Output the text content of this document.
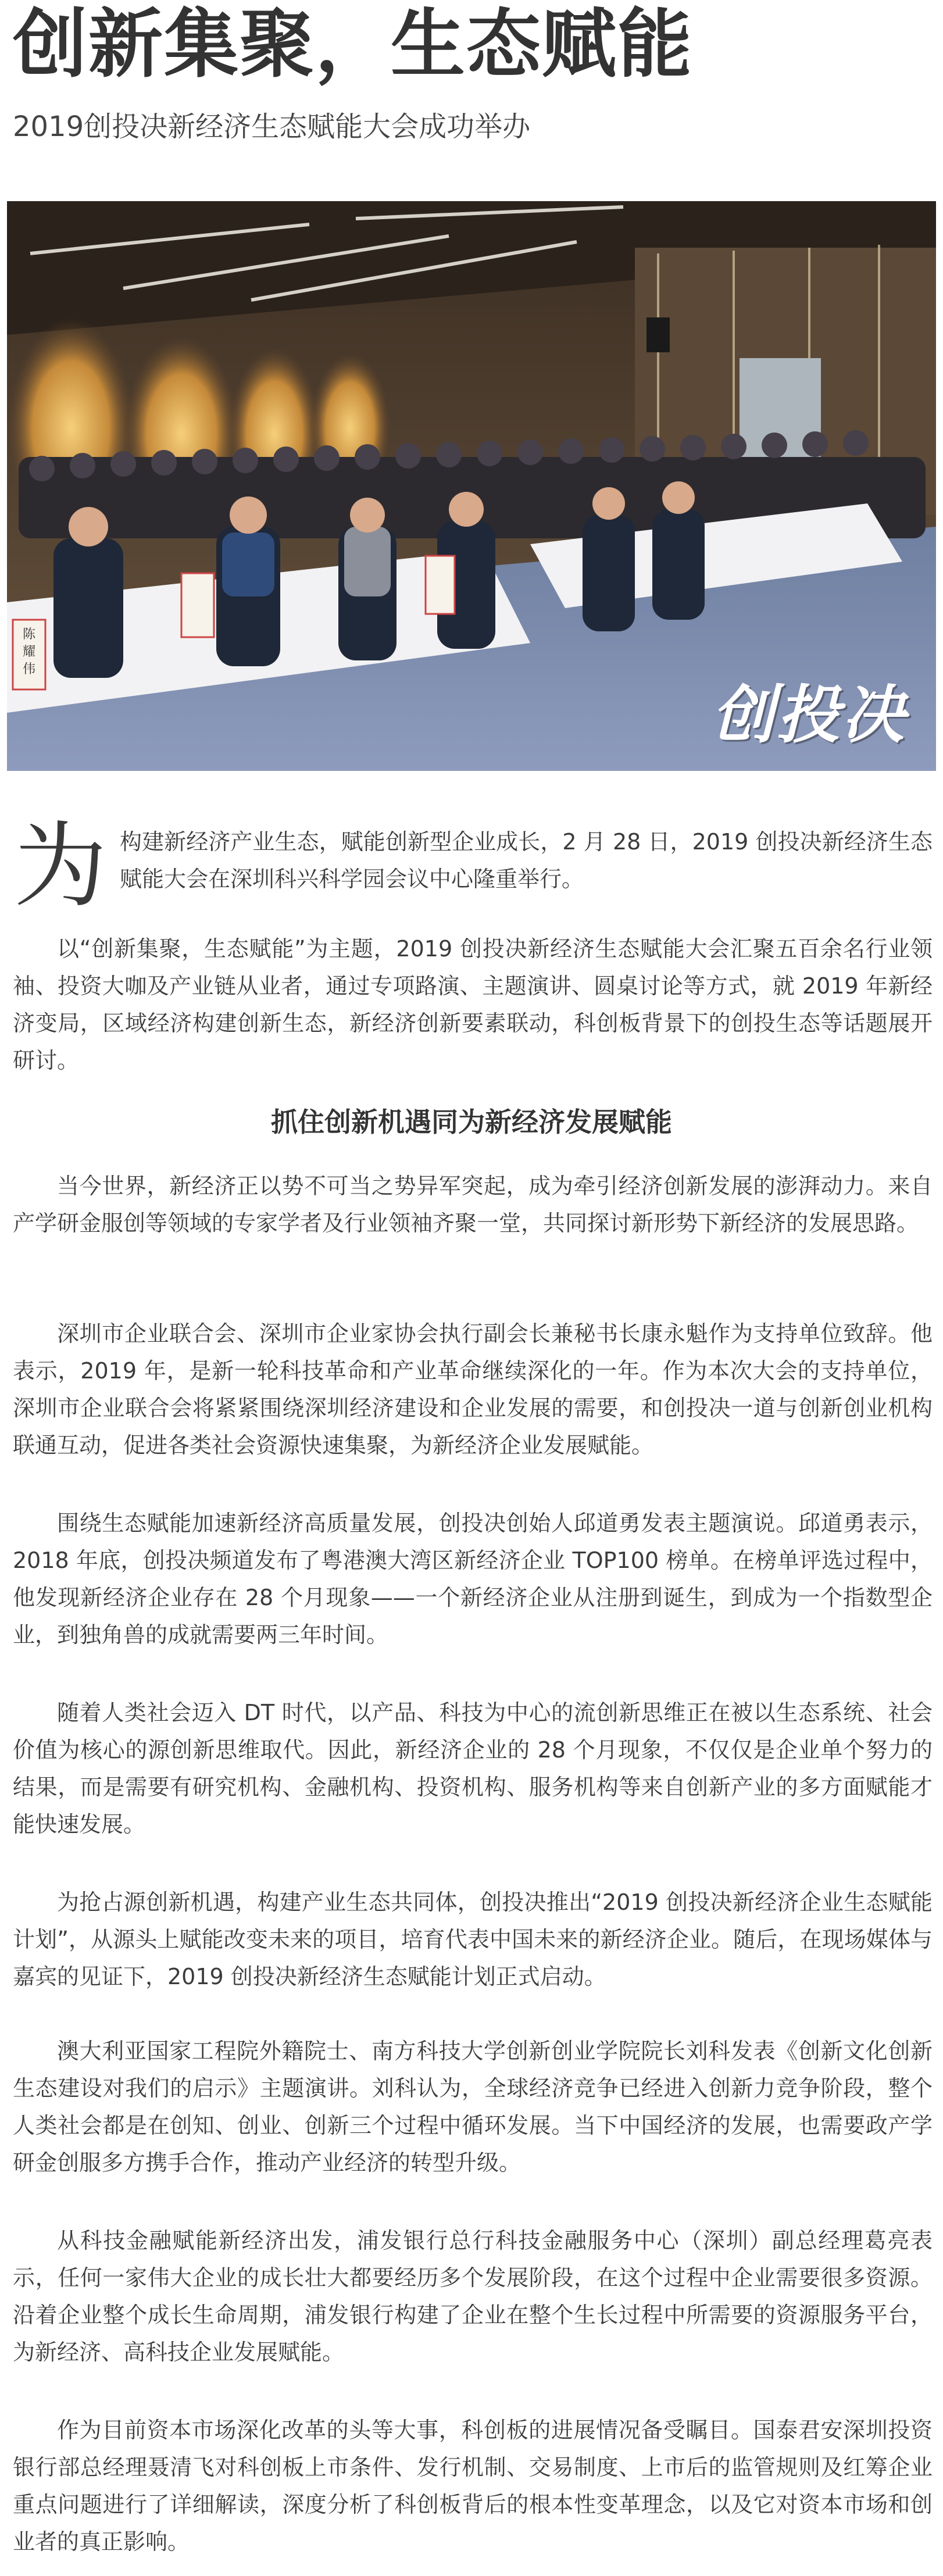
创新集聚，生态赋能
2019创投决新经济生态赋能大会成功举办
陈
耀
伟
创投决
为 构建新经济产业生态，赋能创新型企业成长，2 月 28 日，2019 创投决新经济生态赋能大会在深圳科兴科学园会议中心隆重举行。

以“创新集聚，生态赋能”为主题，2019 创投决新经济生态赋能大会汇聚五百余名行业领袖、投资大咖及产业链从业者，通过专项路演、主题演讲、圆桌讨论等方式，就 2019 年新经济变局，区域经济构建创新生态，新经济创新要素联动，科创板背景下的创投生态等话题展开研讨。

抓住创新机遇同为新经济发展赋能

当今世界，新经济正以势不可当之势异军突起，成为牵引经济创新发展的澎湃动力。来自产学研金服创等领域的专家学者及行业领袖齐聚一堂，共同探讨新形势下新经济的发展思路。

深圳市企业联合会、深圳市企业家协会执行副会长兼秘书长康永魁作为支持单位致辞。他表示，2019 年，是新一轮科技革命和产业革命继续深化的一年。作为本次大会的支持单位，深圳市企业联合会将紧紧围绕深圳经济建设和企业发展的需要，和创投决一道与创新创业机构联通互动，促进各类社会资源快速集聚，为新经济企业发展赋能。

围绕生态赋能加速新经济高质量发展，创投决创始人邱道勇发表主题演说。邱道勇表示，2018 年底，创投决频道发布了粤港澳大湾区新经济企业 TOP100 榜单。在榜单评选过程中，他发现新经济企业存在 28 个月现象——一个新经济企业从注册到诞生，到成为一个指数型企业，到独角兽的成就需要两三年时间。

随着人类社会迈入 DT 时代，以产品、科技为中心的流创新思维正在被以生态系统、社会价值为核心的源创新思维取代。因此，新经济企业的 28 个月现象，不仅仅是企业单个努力的结果，而是需要有研究机构、金融机构、投资机构、服务机构等来自创新产业的多方面赋能才能快速发展。

为抢占源创新机遇，构建产业生态共同体，创投决推出“2019 创投决新经济企业生态赋能计划”，从源头上赋能改变未来的项目，培育代表中国未来的新经济企业。随后，在现场媒体与嘉宾的见证下，2019 创投决新经济生态赋能计划正式启动。

澳大利亚国家工程院外籍院士、南方科技大学创新创业学院院长刘科发表《创新文化创新生态建设对我们的启示》主题演讲。刘科认为，全球经济竞争已经进入创新力竞争阶段，整个人类社会都是在创知、创业、创新三个过程中循环发展。当下中国经济的发展，也需要政产学研金创服多方携手合作，推动产业经济的转型升级。

从科技金融赋能新经济出发，浦发银行总行科技金融服务中心（深圳）副总经理葛亮表示，任何一家伟大企业的成长壮大都要经历多个发展阶段，在这个过程中企业需要很多资源。沿着企业整个成长生命周期，浦发银行构建了企业在整个生长过程中所需要的资源服务平台，为新经济、高科技企业发展赋能。

作为目前资本市场深化改革的头等大事，科创板的进展情况备受瞩目。国泰君安深圳投资银行部总经理聂清飞对科创板上市条件、发行机制、交易制度、上市后的监管规则及红筹企业重点问题进行了详细解读，深度分析了科创板背后的根本性变革理念，以及它对资本市场和创业者的真正影响。
